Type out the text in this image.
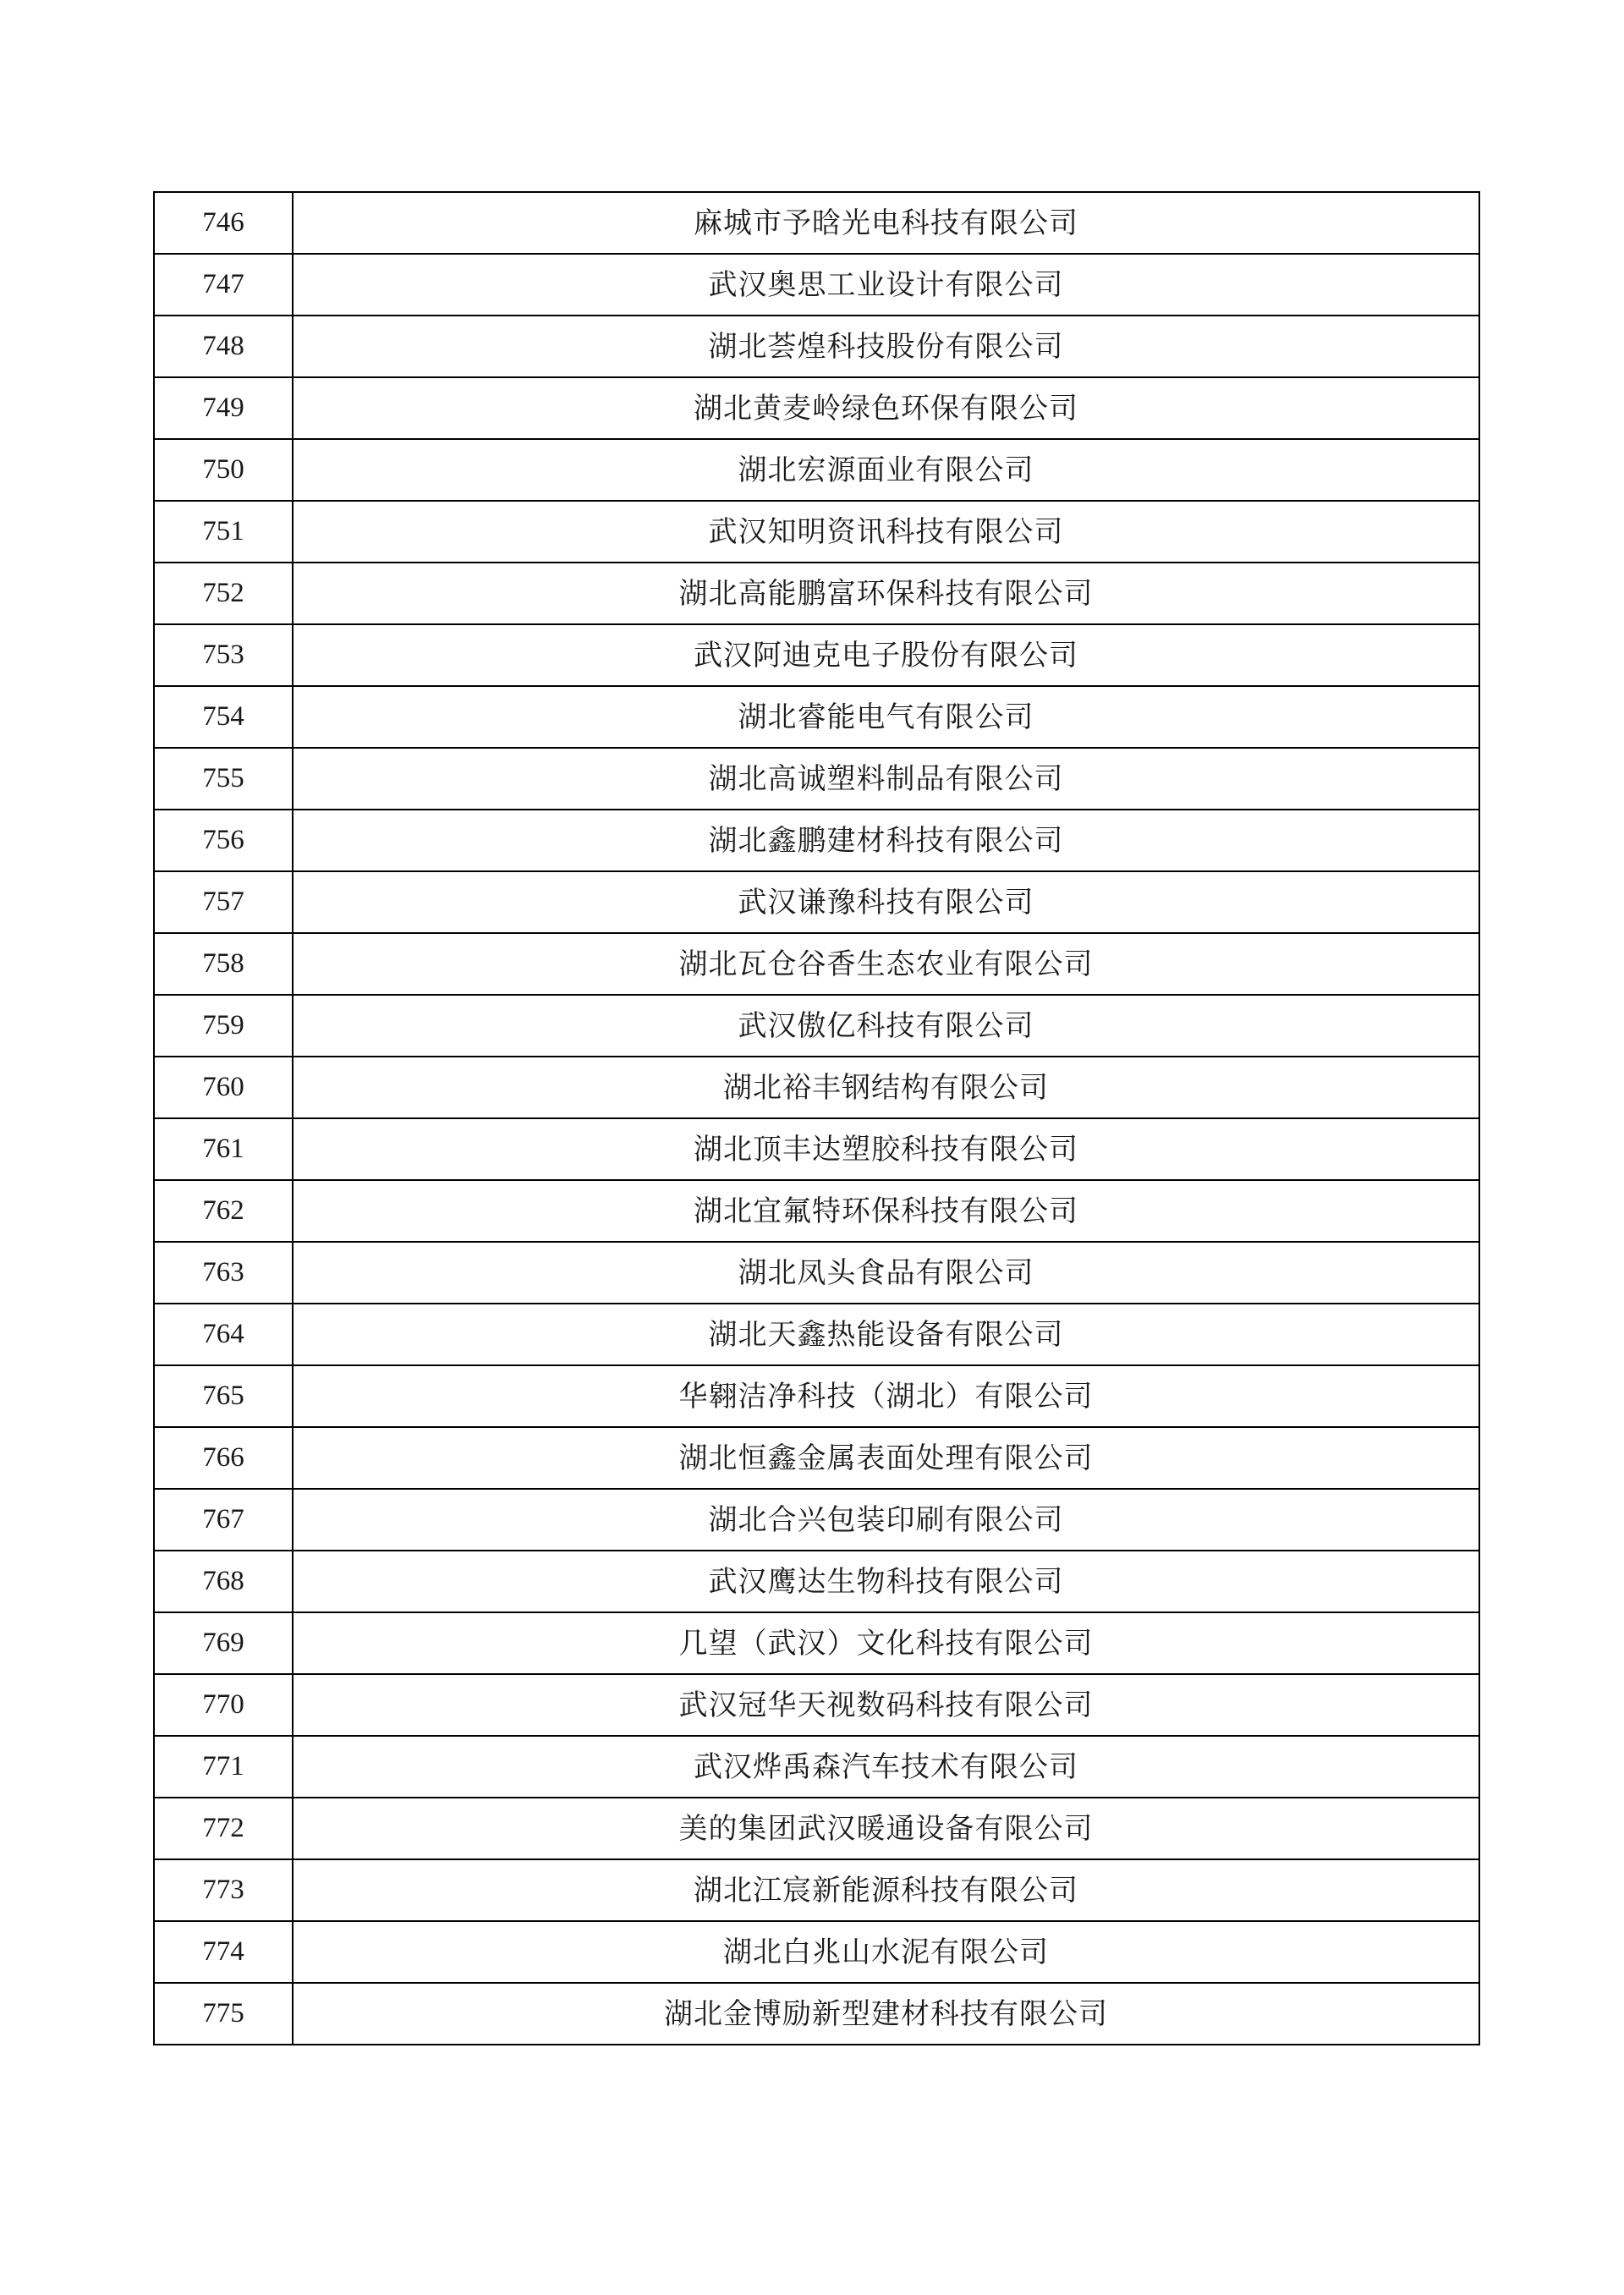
746	麻城市予晗光电科技有限公司
747	武汉奥思工业设计有限公司
748	湖北荟煌科技股份有限公司
749	湖北黄麦岭绿色环保有限公司
750	湖北宏源面业有限公司
751	武汉知明资讯科技有限公司
752	湖北高能鹏富环保科技有限公司
753	武汉阿迪克电子股份有限公司
754	湖北睿能电气有限公司
755	湖北高诚塑料制品有限公司
756	湖北鑫鹏建材科技有限公司
757	武汉谦豫科技有限公司
758	湖北瓦仓谷香生态农业有限公司
759	武汉傲亿科技有限公司
760	湖北裕丰钢结构有限公司
761	湖北顶丰达塑胶科技有限公司
762	湖北宜氟特环保科技有限公司
763	湖北凤头食品有限公司
764	湖北天鑫热能设备有限公司
765	华翱洁净科技（湖北）有限公司
766	湖北恒鑫金属表面处理有限公司
767	湖北合兴包装印刷有限公司
768	武汉鹰达生物科技有限公司
769	几望（武汉）文化科技有限公司
770	武汉冠华天视数码科技有限公司
771	武汉烨禹森汽车技术有限公司
772	美的集团武汉暖通设备有限公司
773	湖北江宸新能源科技有限公司
774	湖北白兆山水泥有限公司
775	湖北金博励新型建材科技有限公司
